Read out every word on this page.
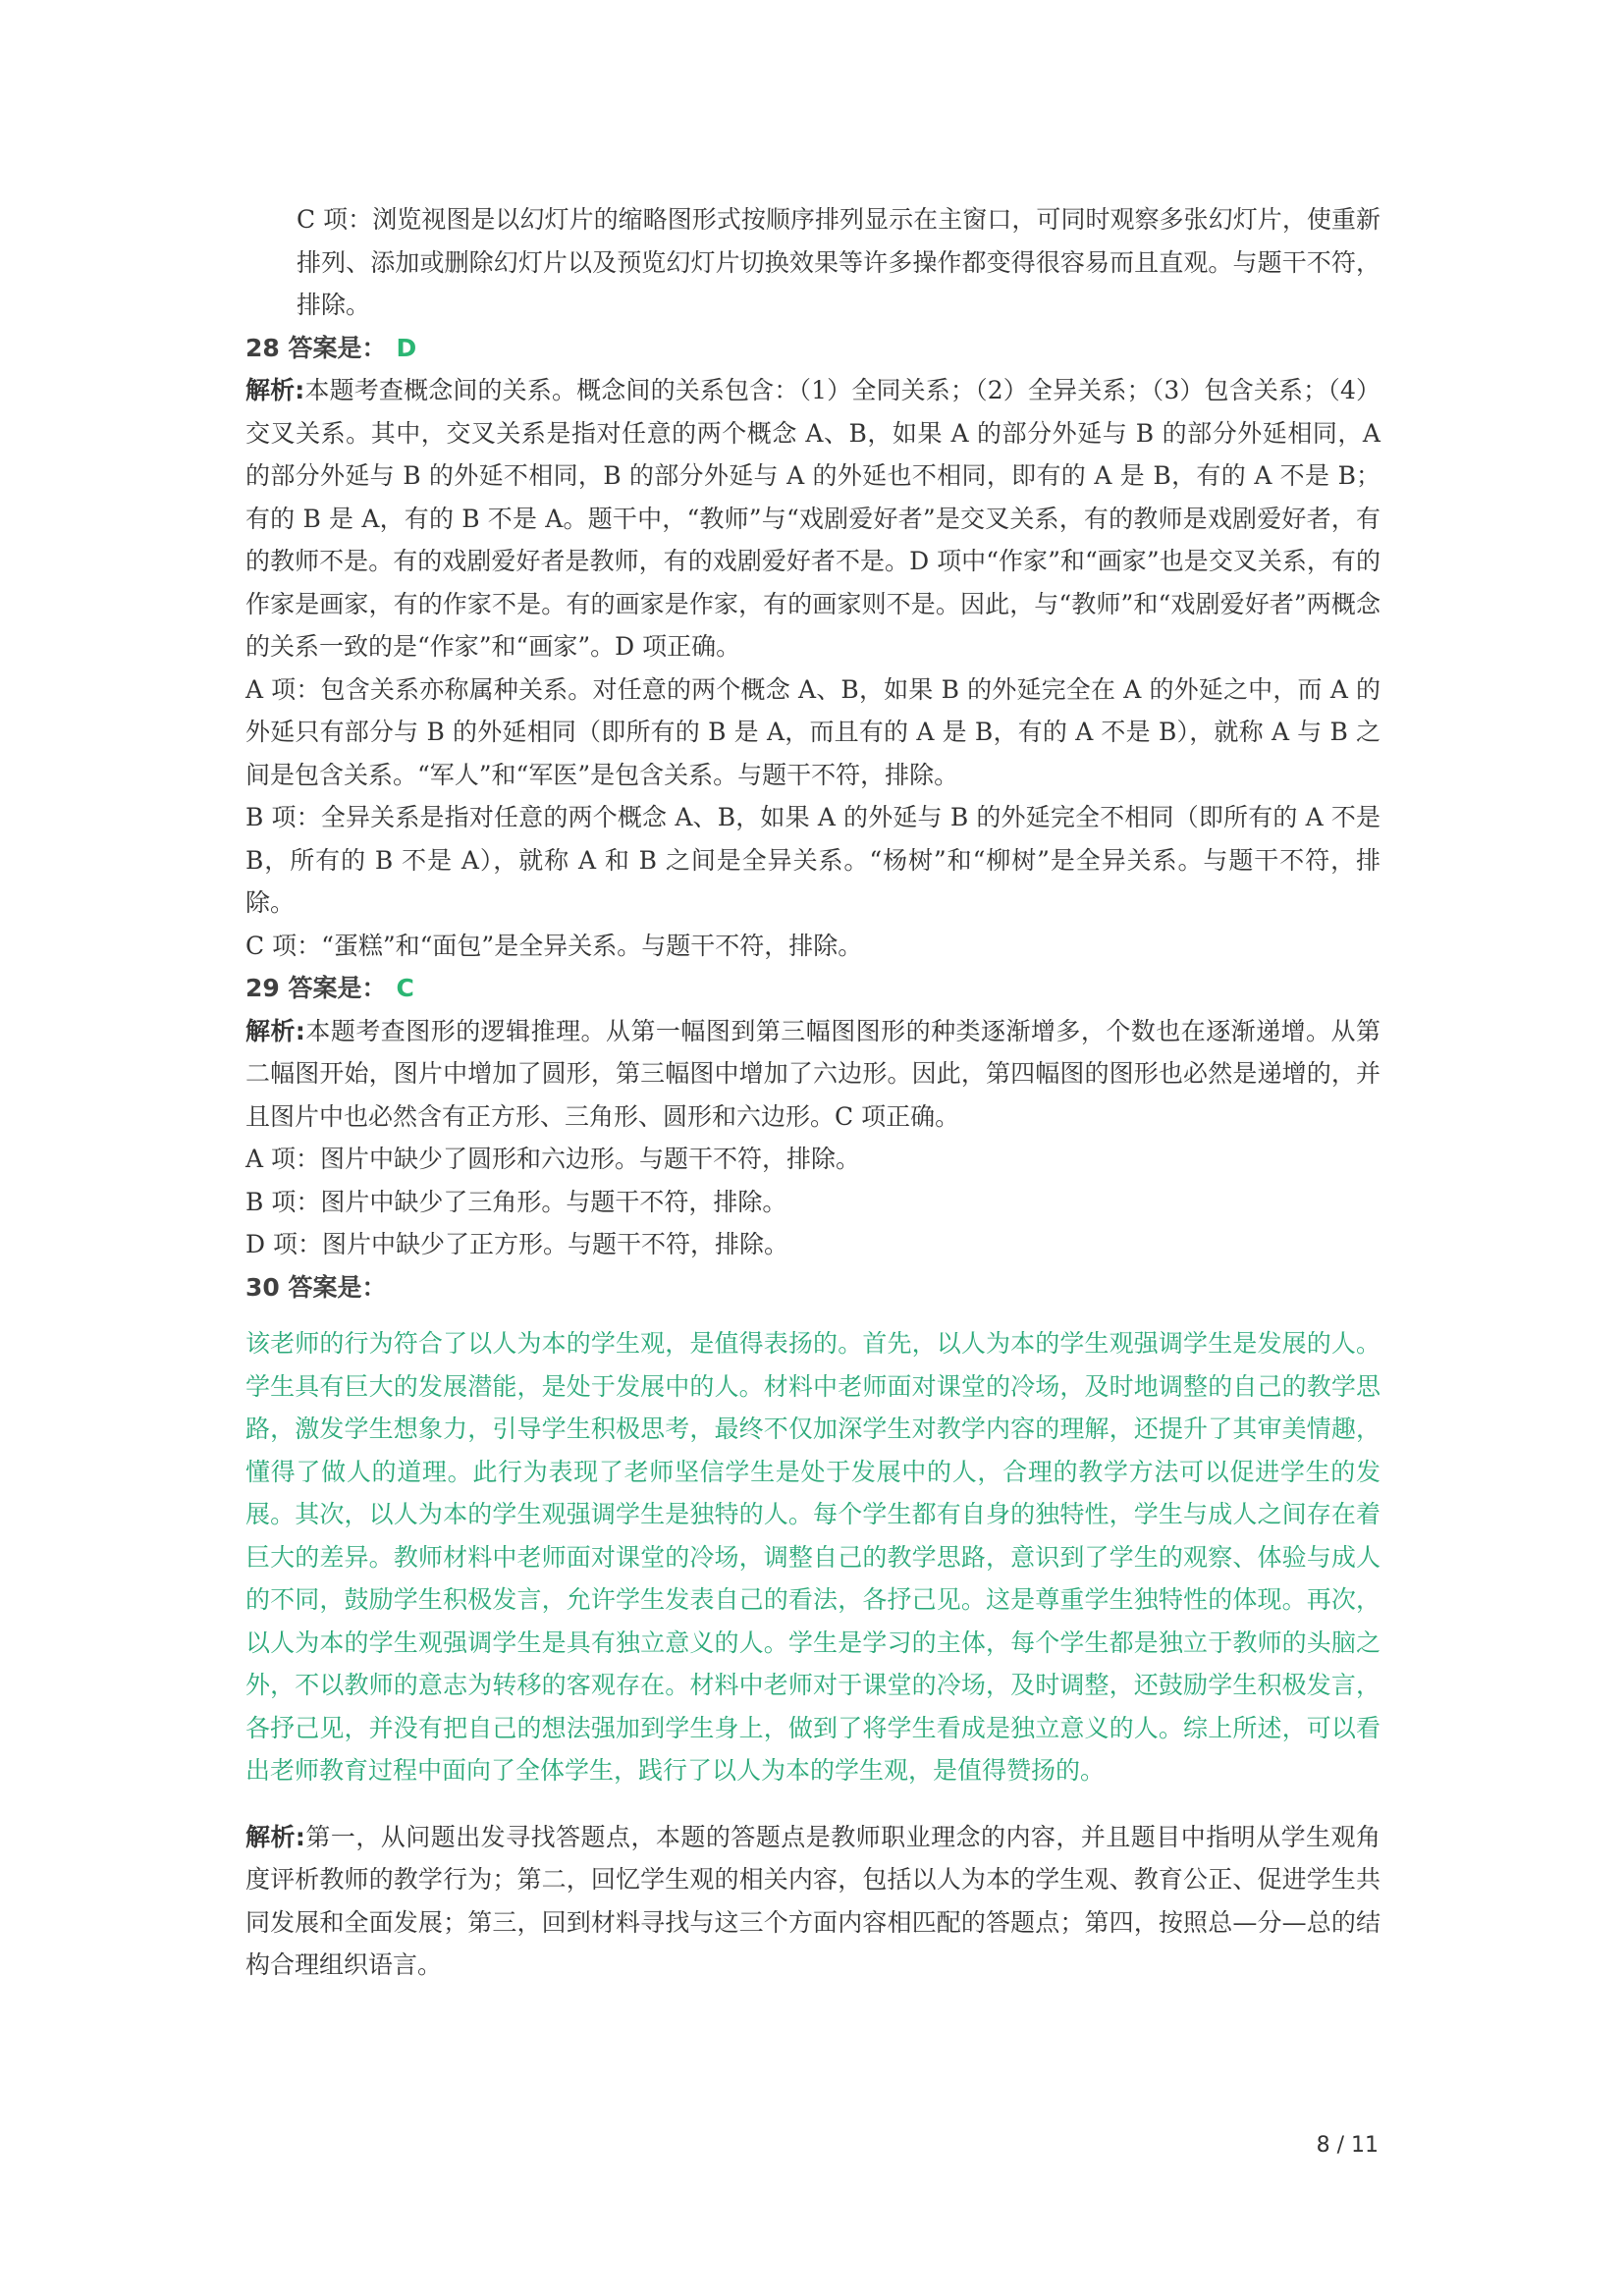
C 项：浏览视图是以幻灯片的缩略图形式按顺序排列显示在主窗口，可同时观察多张幻灯片，使重新排列、添加或删除幻灯片以及预览幻灯片切换效果等许多操作都变得很容易而且直观。与题干不符，排除。

28 答案是： D

解析:本题考查概念间的关系。概念间的关系包含：（1）全同关系；（2）全异关系；（3）包含关系；（4）交叉关系。其中，交叉关系是指对任意的两个概念 A、B，如果 A 的部分外延与 B 的部分外延相同，A 的部分外延与 B 的外延不相同，B 的部分外延与 A 的外延也不相同，即有的 A 是 B，有的 A 不是 B；有的 B 是 A，有的 B 不是 A。题干中，“教师”与“戏剧爱好者”是交叉关系，有的教师是戏剧爱好者，有的教师不是。有的戏剧爱好者是教师，有的戏剧爱好者不是。D 项中“作家”和“画家”也是交叉关系，有的作家是画家，有的作家不是。有的画家是作家，有的画家则不是。因此，与“教师”和“戏剧爱好者”两概念的关系一致的是“作家”和“画家”。D 项正确。

A 项：包含关系亦称属种关系。对任意的两个概念 A、B，如果 B 的外延完全在 A 的外延之中，而 A 的外延只有部分与 B 的外延相同（即所有的 B 是 A，而且有的 A 是 B，有的 A 不是 B），就称 A 与 B 之间是包含关系。“军人”和“军医”是包含关系。与题干不符，排除。

B 项：全异关系是指对任意的两个概念 A、B，如果 A 的外延与 B 的外延完全不相同（即所有的 A 不是 B，所有的 B 不是 A），就称 A 和 B 之间是全异关系。“杨树”和“柳树”是全异关系。与题干不符，排除。

C 项：“蛋糕”和“面包”是全异关系。与题干不符，排除。

29 答案是： C

解析:本题考查图形的逻辑推理。从第一幅图到第三幅图图形的种类逐渐增多，个数也在逐渐递增。从第二幅图开始，图片中增加了圆形，第三幅图中增加了六边形。因此，第四幅图的图形也必然是递增的，并且图片中也必然含有正方形、三角形、圆形和六边形。C 项正确。

A 项：图片中缺少了圆形和六边形。与题干不符，排除。

B 项：图片中缺少了三角形。与题干不符，排除。

D 项：图片中缺少了正方形。与题干不符，排除。

30 答案是：

该老师的行为符合了以人为本的学生观，是值得表扬的。首先，以人为本的学生观强调学生是发展的人。学生具有巨大的发展潜能，是处于发展中的人。材料中老师面对课堂的冷场，及时地调整的自己的教学思路，激发学生想象力，引导学生积极思考，最终不仅加深学生对教学内容的理解，还提升了其审美情趣，懂得了做人的道理。此行为表现了老师坚信学生是处于发展中的人，合理的教学方法可以促进学生的发展。其次，以人为本的学生观强调学生是独特的人。每个学生都有自身的独特性，学生与成人之间存在着巨大的差异。教师材料中老师面对课堂的冷场，调整自己的教学思路，意识到了学生的观察、体验与成人的不同，鼓励学生积极发言，允许学生发表自己的看法，各抒己见。这是尊重学生独特性的体现。再次，以人为本的学生观强调学生是具有独立意义的人。学生是学习的主体，每个学生都是独立于教师的头脑之外，不以教师的意志为转移的客观存在。材料中老师对于课堂的冷场，及时调整，还鼓励学生积极发言，各抒己见，并没有把自己的想法强加到学生身上，做到了将学生看成是独立意义的人。综上所述，可以看出老师教育过程中面向了全体学生，践行了以人为本的学生观，是值得赞扬的。

解析:第一，从问题出发寻找答题点，本题的答题点是教师职业理念的内容，并且题目中指明从学生观角度评析教师的教学行为；第二，回忆学生观的相关内容，包括以人为本的学生观、教育公正、促进学生共同发展和全面发展；第三，回到材料寻找与这三个方面内容相匹配的答题点；第四，按照总—分—总的结构合理组织语言。

8 / 11
